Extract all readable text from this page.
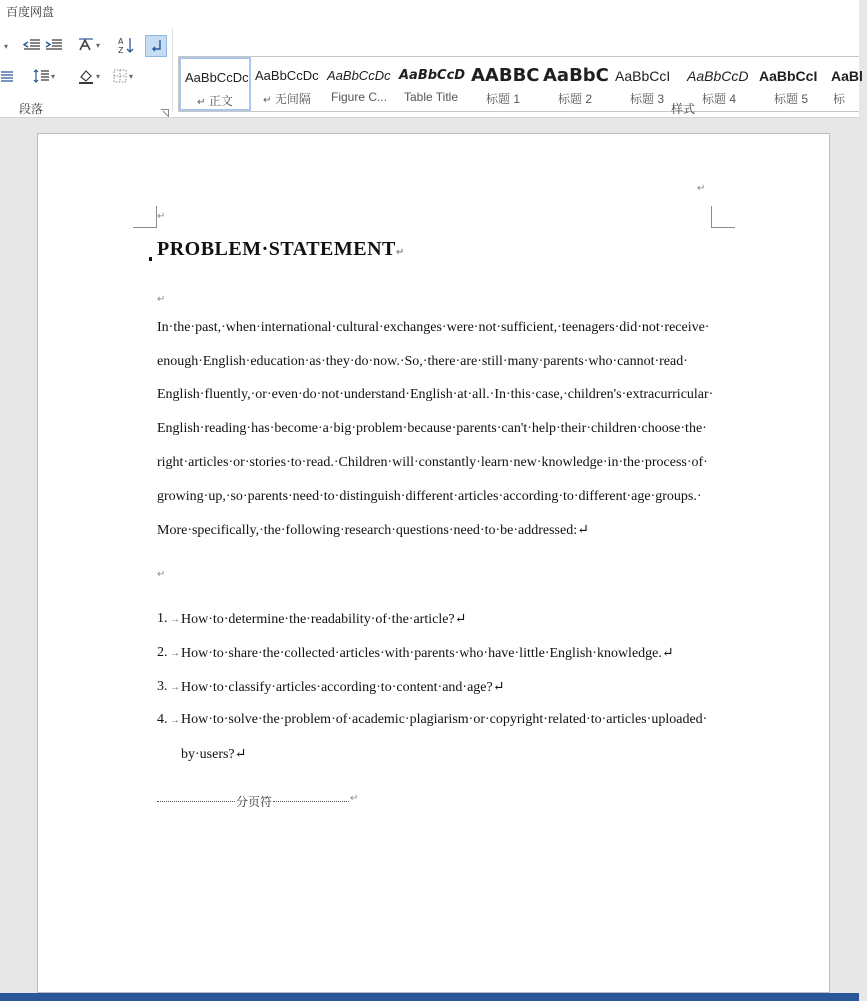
百度网盘
▾	▾ A
Z
▾	▾	▾	AaBbCcDc
↵ 正文
AaBbCcDc
↵ 无间隔
AaBbCcDc
Figure C...
AaBbCcD
Table Title
AABBC
标题 1
AaBbC
标题 2
AaBbCcI
标题 3
AaBbCcD
标题 4
AaBbCcI
标题 5
AaBl
标
段落	样式
↵
↵
PROBLEM·STATEMENT↵
↵
In·the·past,·when·international·cultural·exchanges·were·not·sufficient,·teenagers·did·not·receive·
enough·English·education·as·they·do·now.·So,·there·are·still·many·parents·who·cannot·read·
English·fluently,·or·even·do·not·understand·English·at·all.·In·this·case,·children's·extracurricular·
English·reading·has·become·a·big·problem·because·parents·can't·help·their·children·choose·the·
right·articles·or·stories·to·read.·Children·will·constantly·learn·new·knowledge·in·the·process·of·
growing·up,·so·parents·need·to·distinguish·different·articles·according·to·different·age·groups.·
More·specifically,·the·following·research·questions·need·to·be·addressed:↵
↵
1. → How·to·determine·the·readability·of·the·article?↵
2. → How·to·share·the·collected·articles·with·parents·who·have·little·English·knowledge.↵
3. → How·to·classify·articles·according·to·content·and·age?↵
4. → How·to·solve·the·problem·of·academic·plagiarism·or·copyright·related·to·articles·uploaded·
by·users?↵
分页符	↵
